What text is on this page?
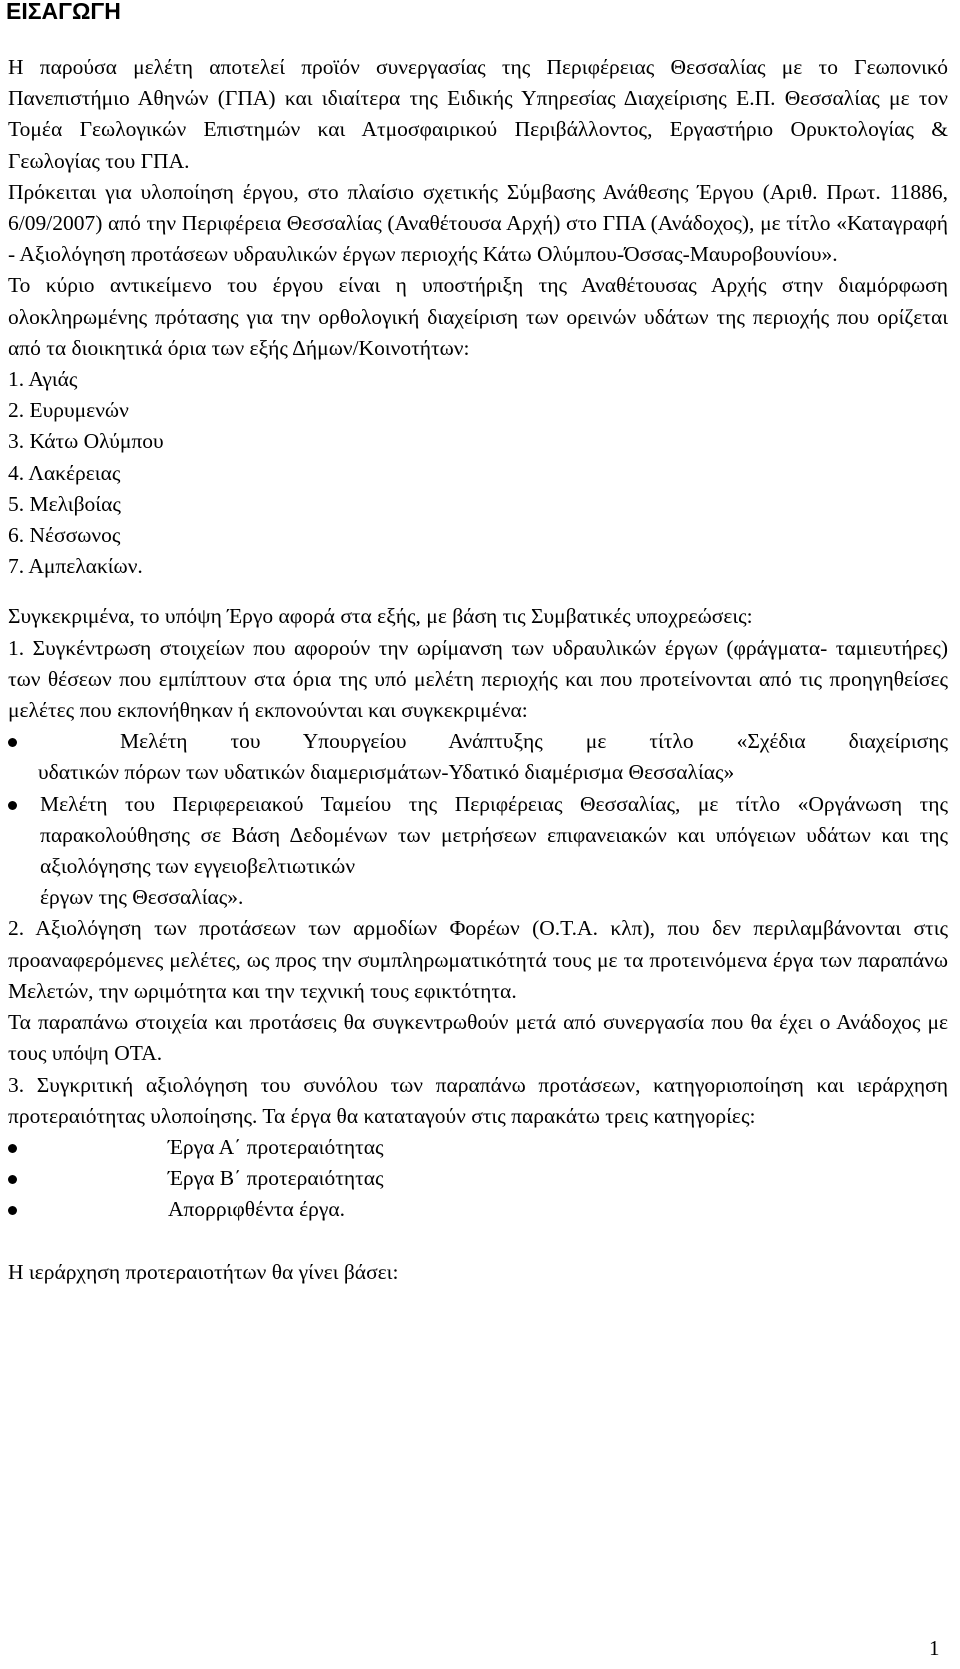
ΕΙΣΑΓΩΓΗ

Η παρούσα μελέτη αποτελεί προϊόν συνεργασίας της Περιφέρειας Θεσσαλίας με το Γεωπονικό Πανεπιστήμιο Αθηνών (ΓΠΑ) και ιδιαίτερα της Ειδικής Υπηρεσίας Διαχείρισης Ε.Π. Θεσσαλίας με τον Τομέα Γεωλογικών Επιστημών και Ατμοσφαιρικού Περιβάλλοντος, Εργαστήριο Ορυκτολογίας & Γεωλογίας του ΓΠΑ.

Πρόκειται για υλοποίηση έργου, στο πλαίσιο σχετικής Σύμβασης Ανάθεσης Έργου (Αριθ. Πρωτ. 11886, 6/09/2007) από την Περιφέρεια Θεσσαλίας (Αναθέτουσα Αρχή) στο ΓΠΑ (Ανάδοχος), με τίτλο «Καταγραφή - Αξιολόγηση προτάσεων υδραυλικών έργων περιοχής Κάτω Ολύμπου-Όσσας-Μαυροβουνίου».

Το κύριο αντικείμενο του έργου είναι η υποστήριξη της Αναθέτουσας Αρχής στην διαμόρφωση ολοκληρωμένης πρότασης για την ορθολογική διαχείριση των ορεινών υδάτων της περιοχής που ορίζεται από τα διοικητικά όρια των εξής Δήμων/Κοινοτήτων:

1. Αγιάς

2. Ευρυμενών

3. Κάτω Ολύμπου

4. Λακέρειας

5. Μελιβοίας

6. Νέσσωνος

7. Αμπελακίων.

Συγκεκριμένα, το υπόψη Έργο αφορά στα εξής, με βάση τις Συμβατικές υποχρεώσεις:

1. Συγκέντρωση στοιχείων που αφορούν την ωρίμανση των υδραυλικών έργων (φράγματα- ταμιευτήρες) των θέσεων που εμπίπτουν στα όρια της υπό μελέτη περιοχής και που προτείνονται από τις προηγηθείσες μελέτες που εκπονήθηκαν ή εκπονούνται και συγκεκριμένα:

Μελέτη του Υπουργείου Ανάπτυξης με τίτλο «Σχέδια διαχείρισης

υδατικών πόρων των υδατικών διαμερισμάτων-Υδατικό διαμέρισμα Θεσσαλίας»

Μελέτη του Περιφερειακού Ταμείου της Περιφέρειας Θεσσαλίας, με τίτλο «Οργάνωση της παρακολούθησης σε Βάση Δεδομένων των μετρήσεων επιφανειακών και υπόγειων υδάτων και της αξιολόγησης των εγγειοβελτιωτικών

έργων της Θεσσαλίας».

2. Αξιολόγηση των προτάσεων των αρμοδίων Φορέων (Ο.Τ.Α. κλπ), που δεν περιλαμβάνονται στις προαναφερόμενες μελέτες, ως προς την συμπληρωματικότητά τους με τα προτεινόμενα έργα των παραπάνω Μελετών, την ωριμότητα και την τεχνική τους εφικτότητα.

Τα παραπάνω στοιχεία και προτάσεις θα συγκεντρωθούν μετά από συνεργασία που θα έχει ο Ανάδοχος με τους υπόψη ΟΤΑ.

3. Συγκριτική αξιολόγηση του συνόλου των παραπάνω προτάσεων, κατηγοριοποίηση και ιεράρχηση προτεραιότητας υλοποίησης. Τα έργα θα καταταγούν στις παρακάτω τρεις κατηγορίες:

Έργα Α΄ προτεραιότητας

Έργα Β΄ προτεραιότητας

Απορριφθέντα έργα.

Η ιεράρχηση προτεραιοτήτων θα γίνει βάσει:

1
